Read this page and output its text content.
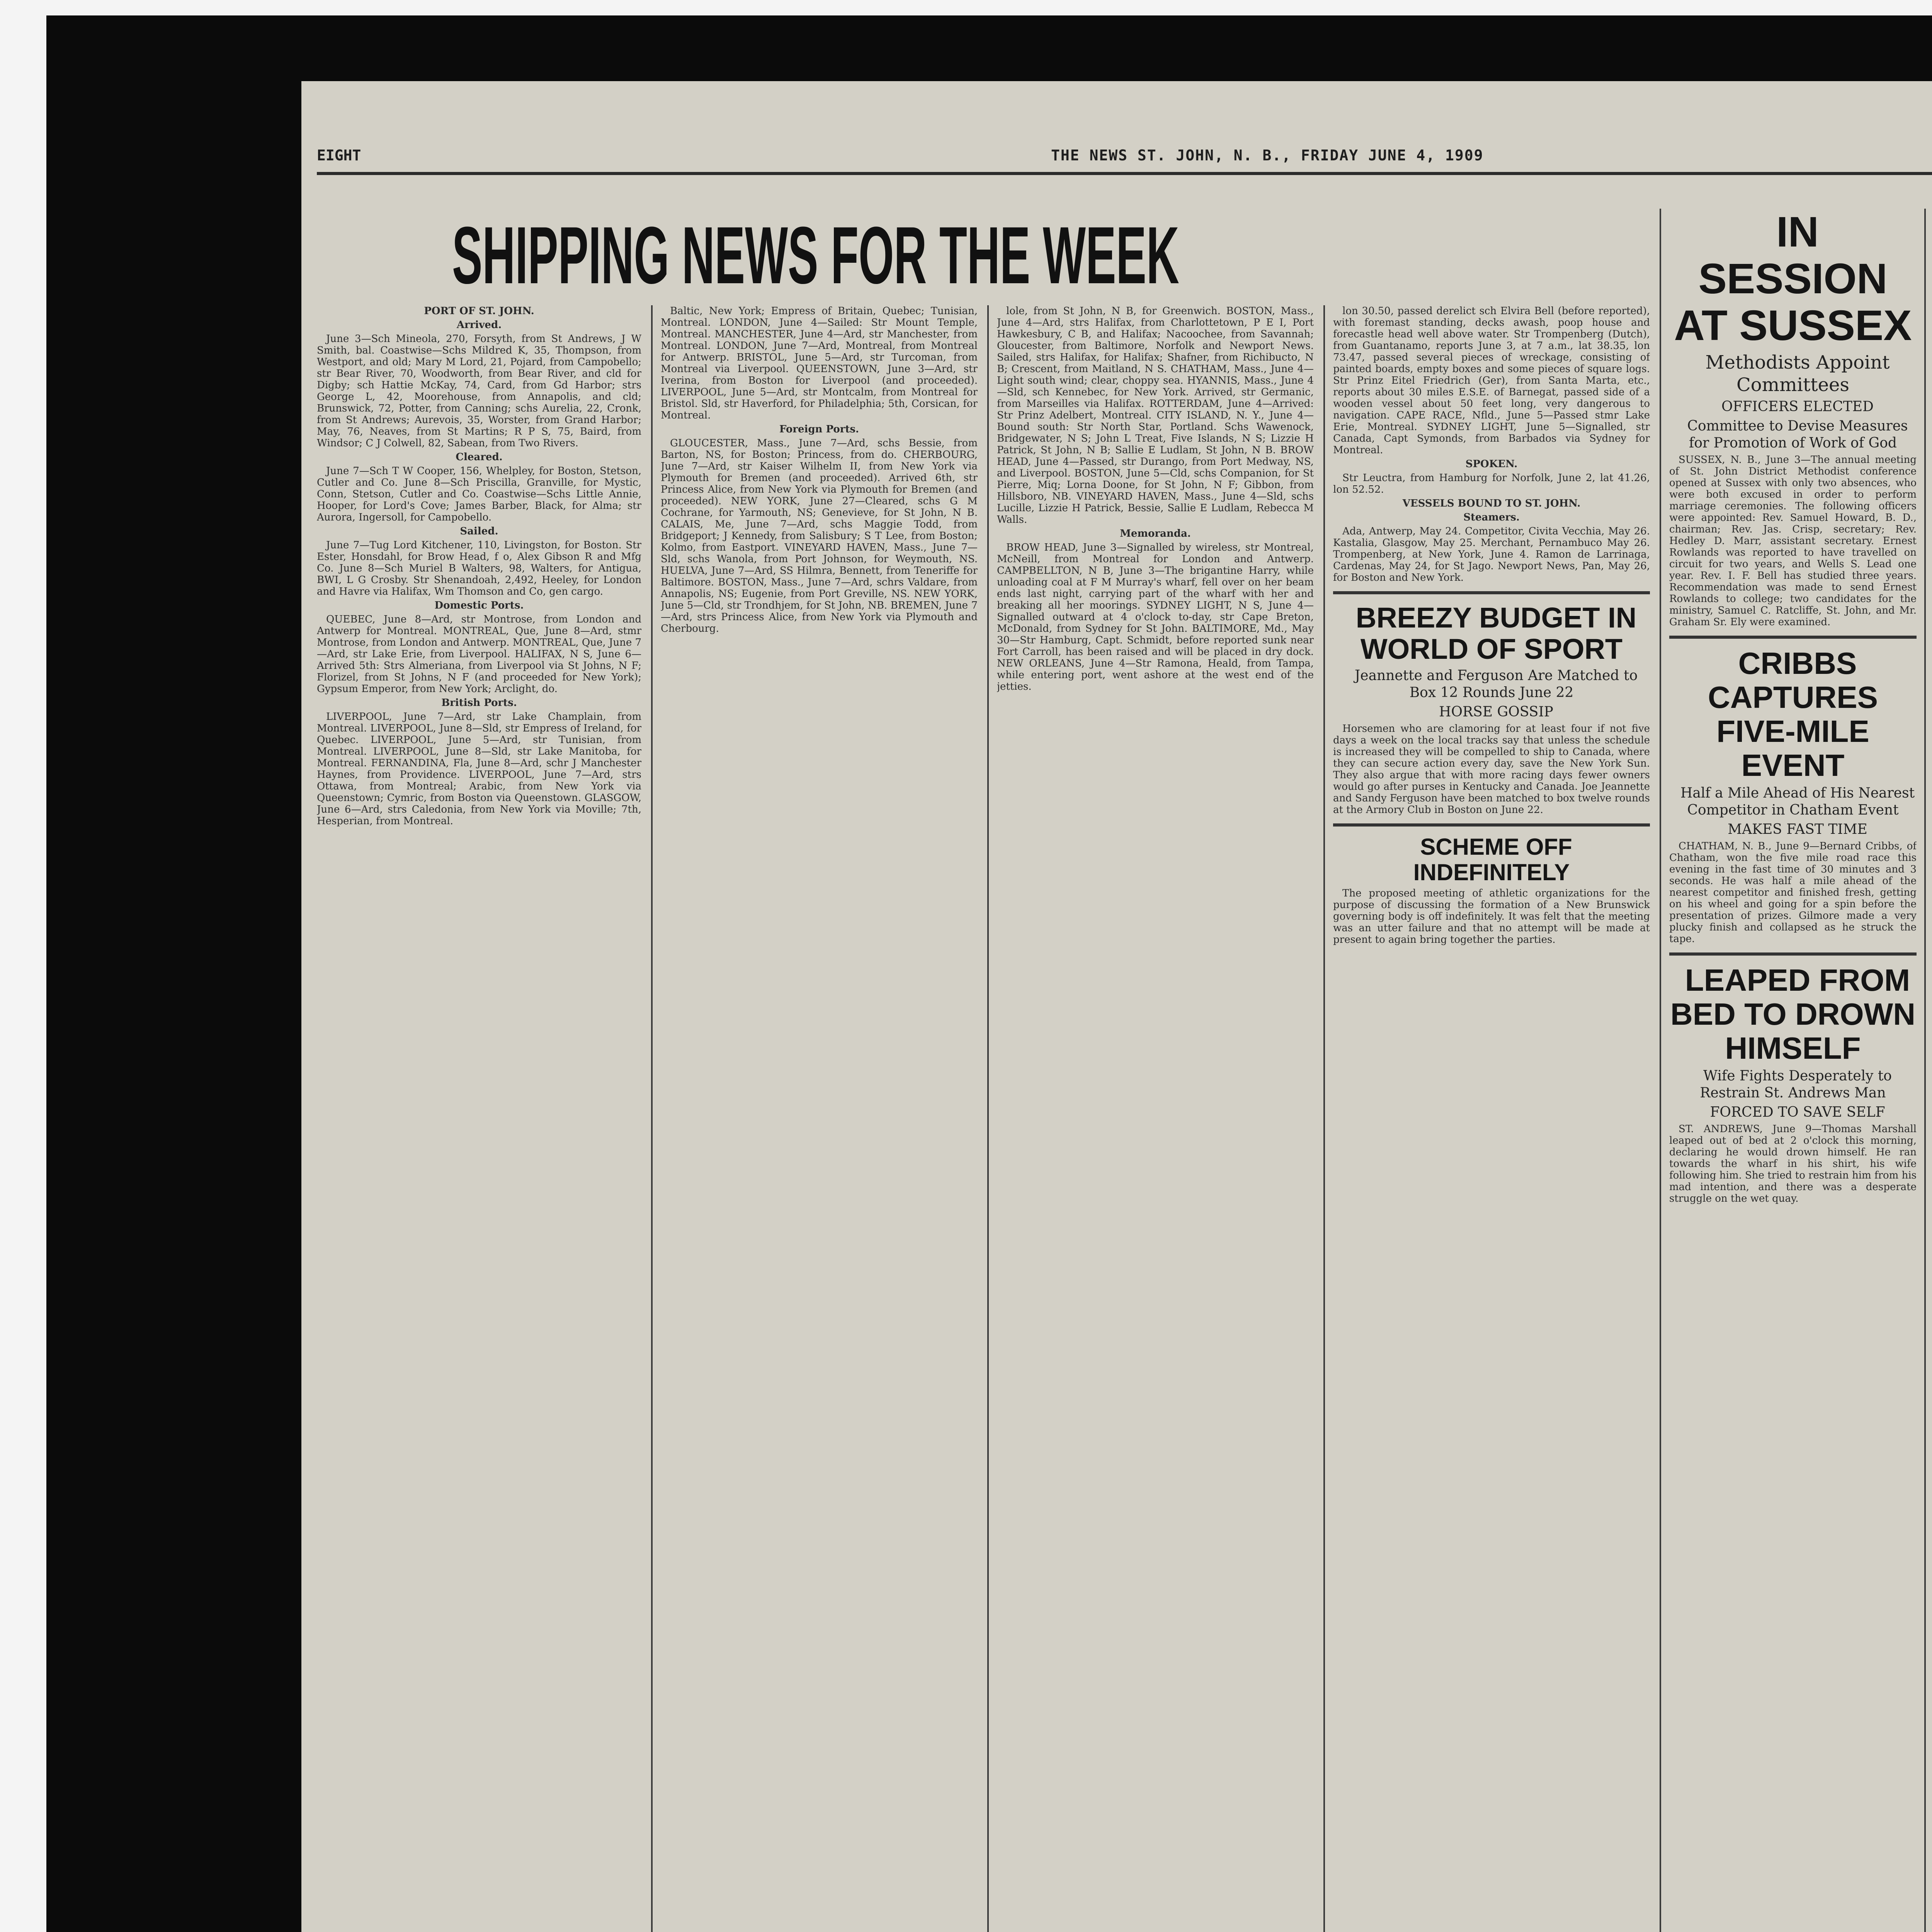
EIGHT	THE NEWS ST. JOHN, N. B., FRIDAY JUNE 4, 1909
SHIPPING NEWS FOR THE WEEK

PORT OF ST. JOHN.

Arrived.

June 3—Sch Mineola, 270, Forsyth, from St Andrews, J W Smith, bal. Coastwise—Schs Mildred K, 35, Thompson, from Westport, and old; Mary M Lord, 21, Pojard, from Campobello; str Bear River, 70, Woodworth, from Bear River, and cld for Digby; sch Hattie McKay, 74, Card, from Gd Harbor; strs George L, 42, Moorehouse, from Annapolis, and cld; Brunswick, 72, Potter, from Canning; schs Aurelia, 22, Cronk, from St Andrews; Aurevois, 35, Worster, from Grand Harbor; May, 76, Neaves, from St Martins; R P S, 75, Baird, from Windsor; C J Colwell, 82, Sabean, from Two Rivers.

Cleared.

June 7—Sch T W Cooper, 156, Whelpley, for Boston, Stetson, Cutler and Co. June 8—Sch Priscilla, Granville, for Mystic, Conn, Stetson, Cutler and Co. Coastwise—Schs Little Annie, Hooper, for Lord's Cove; James Barber, Black, for Alma; str Aurora, Ingersoll, for Campobello.

Sailed.

June 7—Tug Lord Kitchener, 110, Livingston, for Boston. Str Ester, Honsdahl, for Brow Head, f o, Alex Gibson R and Mfg Co. June 8—Sch Muriel B Walters, 98, Walters, for Antigua, BWI, L G Crosby. Str Shenandoah, 2,492, Heeley, for London and Havre via Halifax, Wm Thomson and Co, gen cargo.

Domestic Ports.

QUEBEC, June 8—Ard, str Montrose, from London and Antwerp for Montreal. MONTREAL, Que, June 8—Ard, stmr Montrose, from London and Antwerp. MONTREAL, Que, June 7—Ard, str Lake Erie, from Liverpool. HALIFAX, N S, June 6—Arrived 5th: Strs Almeriana, from Liverpool via St Johns, N F; Florizel, from St Johns, N F (and proceeded for New York); Gypsum Emperor, from New York; Arclight, do.

British Ports.

LIVERPOOL, June 7—Ard, str Lake Champlain, from Montreal. LIVERPOOL, June 8—Sld, str Empress of Ireland, for Quebec. LIVERPOOL, June 5—Ard, str Tunisian, from Montreal. LIVERPOOL, June 8—Sld, str Lake Manitoba, for Montreal. FERNANDINA, Fla, June 8—Ard, schr J Manchester Haynes, from Providence. LIVERPOOL, June 7—Ard, strs Ottawa, from Montreal; Arabic, from New York via Queenstown; Cymric, from Boston via Queenstown. GLASGOW, June 6—Ard, strs Caledonia, from New York via Moville; 7th, Hesperian, from Montreal.

Baltic, New York; Empress of Britain, Quebec; Tunisian, Montreal. LONDON, June 4—Sailed: Str Mount Temple, Montreal. MANCHESTER, June 4—Ard, str Manchester, from Montreal. LONDON, June 7—Ard, Montreal, from Montreal for Antwerp. BRISTOL, June 5—Ard, str Turcoman, from Montreal via Liverpool. QUEENSTOWN, June 3—Ard, str Iverina, from Boston for Liverpool (and proceeded). LIVERPOOL, June 5—Ard, str Montcalm, from Montreal for Bristol. Sld, str Haverford, for Philadelphia; 5th, Corsican, for Montreal.

Foreign Ports.

GLOUCESTER, Mass., June 7—Ard, schs Bessie, from Barton, NS, for Boston; Princess, from do. CHERBOURG, June 7—Ard, str Kaiser Wilhelm II, from New York via Plymouth for Bremen (and proceeded). Arrived 6th, str Princess Alice, from New York via Plymouth for Bremen (and proceeded). NEW YORK, June 27—Cleared, schs G M Cochrane, for Yarmouth, NS; Genevieve, for St John, N B. CALAIS, Me, June 7—Ard, schs Maggie Todd, from Bridgeport; J Kennedy, from Salisbury; S T Lee, from Boston; Kolmo, from Eastport. VINEYARD HAVEN, Mass., June 7—Sld, schs Wanola, from Port Johnson, for Weymouth, NS. HUELVA, June 7—Ard, SS Hilmra, Bennett, from Teneriffe for Baltimore. BOSTON, Mass., June 7—Ard, schrs Valdare, from Annapolis, NS; Eugenie, from Port Greville, NS. NEW YORK, June 5—Cld, str Trondhjem, for St John, NB. BREMEN, June 7—Ard, strs Princess Alice, from New York via Plymouth and Cherbourg.

lole, from St John, N B, for Greenwich. BOSTON, Mass., June 4—Ard, strs Halifax, from Charlottetown, P E I, Port Hawkesbury, C B, and Halifax; Nacoochee, from Savannah; Gloucester, from Baltimore, Norfolk and Newport News. Sailed, strs Halifax, for Halifax; Shafner, from Richibucto, N B; Crescent, from Maitland, N S. CHATHAM, Mass., June 4—Light south wind; clear, choppy sea. HYANNIS, Mass., June 4—Sld, sch Kennebec, for New York. Arrived, str Germanic, from Marseilles via Halifax. ROTTERDAM, June 4—Arrived: Str Prinz Adelbert, Montreal. CITY ISLAND, N. Y., June 4—Bound south: Str North Star, Portland. Schs Wawenock, Bridgewater, N S; John L Treat, Five Islands, N S; Lizzie H Patrick, St John, N B; Sallie E Ludlam, St John, N B. BROW HEAD, June 4—Passed, str Durango, from Port Medway, NS, and Liverpool. BOSTON, June 5—Cld, schs Companion, for St Pierre, Miq; Lorna Doone, for St John, N F; Gibbon, from Hillsboro, NB. VINEYARD HAVEN, Mass., June 4—Sld, schs Lucille, Lizzie H Patrick, Bessie, Sallie E Ludlam, Rebecca M Walls.

Memoranda.

BROW HEAD, June 3—Signalled by wireless, str Montreal, McNeill, from Montreal for London and Antwerp. CAMPBELLTON, N B, June 3—The brigantine Harry, while unloading coal at F M Murray's wharf, fell over on her beam ends last night, carrying part of the wharf with her and breaking all her moorings. SYDNEY LIGHT, N S, June 4—Signalled outward at 4 o'clock to-day, str Cape Breton, McDonald, from Sydney for St John. BALTIMORE, Md., May 30—Str Hamburg, Capt. Schmidt, before reported sunk near Fort Carroll, has been raised and will be placed in dry dock. NEW ORLEANS, June 4—Str Ramona, Heald, from Tampa, while entering port, went ashore at the west end of the jetties.

lon 30.50, passed derelict sch Elvira Bell (before reported), with foremast standing, decks awash, poop house and forecastle head well above water. Str Trompenberg (Dutch), from Guantanamo, reports June 3, at 7 a.m., lat 38.35, lon 73.47, passed several pieces of wreckage, consisting of painted boards, empty boxes and some pieces of square logs. Str Prinz Eitel Friedrich (Ger), from Santa Marta, etc., reports about 30 miles E.S.E. of Barnegat, passed side of a wooden vessel about 50 feet long, very dangerous to navigation. CAPE RACE, Nfld., June 5—Passed stmr Lake Erie, Montreal. SYDNEY LIGHT, June 5—Signalled, str Canada, Capt Symonds, from Barbados via Sydney for Montreal.

SPOKEN.

Str Leuctra, from Hamburg for Norfolk, June 2, lat 41.26, lon 52.52.

VESSELS BOUND TO ST. JOHN.

Steamers.

Ada, Antwerp, May 24. Competitor, Civita Vecchia, May 26. Kastalia, Glasgow, May 25. Merchant, Pernambuco May 26. Trompenberg, at New York, June 4. Ramon de Larrinaga, Cardenas, May 24, for St Jago. Newport News, Pan, May 26, for Boston and New York.

BREEZY BUDGET IN WORLD OF SPORT

Jeannette and Ferguson Are Matched to Box 12 Rounds June 22

HORSE GOSSIP

Horsemen who are clamoring for at least four if not five days a week on the local tracks say that unless the schedule is increased they will be compelled to ship to Canada, where they can secure action every day, save the New York Sun. They also argue that with more racing days fewer owners would go after purses in Kentucky and Canada. Joe Jeannette and Sandy Ferguson have been matched to box twelve rounds at the Armory Club in Boston on June 22.

SCHEME OFF INDEFINITELY

The proposed meeting of athletic organizations for the purpose of discussing the formation of a New Brunswick governing body is off indefinitely. It was felt that the meeting was an utter failure and that no attempt will be made at present to again bring together the parties.

IN SESSION AT SUSSEX

Methodists Appoint Committees

OFFICERS ELECTED

Committee to Devise Measures for Promotion of Work of God

SUSSEX, N. B., June 3—The annual meeting of St. John District Methodist conference opened at Sussex with only two absences, who were both excused in order to perform marriage ceremonies. The following officers were appointed: Rev. Samuel Howard, B. D., chairman; Rev. Jas. Crisp, secretary; Rev. Hedley D. Marr, assistant secretary. Ernest Rowlands was reported to have travelled on circuit for two years, and Wells S. Lead one year. Rev. I. F. Bell has studied three years. Recommendation was made to send Ernest Rowlands to college; two candidates for the ministry, Samuel C. Ratcliffe, St. John, and Mr. Graham Sr. Ely were examined.

CRIBBS CAPTURES FIVE-MILE EVENT

Half a Mile Ahead of His Nearest Competitor in Chatham Event

MAKES FAST TIME

CHATHAM, N. B., June 9—Bernard Cribbs, of Chatham, won the five mile road race this evening in the fast time of 30 minutes and 3 seconds. He was half a mile ahead of the nearest competitor and finished fresh, getting on his wheel and going for a spin before the presentation of prizes. Gilmore made a very plucky finish and collapsed as he struck the tape.

LEAPED FROM BED TO DROWN HIMSELF

Wife Fights Desperately to Restrain St. Andrews Man

FORCED TO SAVE SELF

ST. ANDREWS, June 9—Thomas Marshall leaped out of bed at 2 o'clock this morning, declaring he would drown himself. He ran towards the wharf in his shirt, his wife following him. She tried to restrain him from his mad intention, and there was a desperate struggle on the wet quay.
